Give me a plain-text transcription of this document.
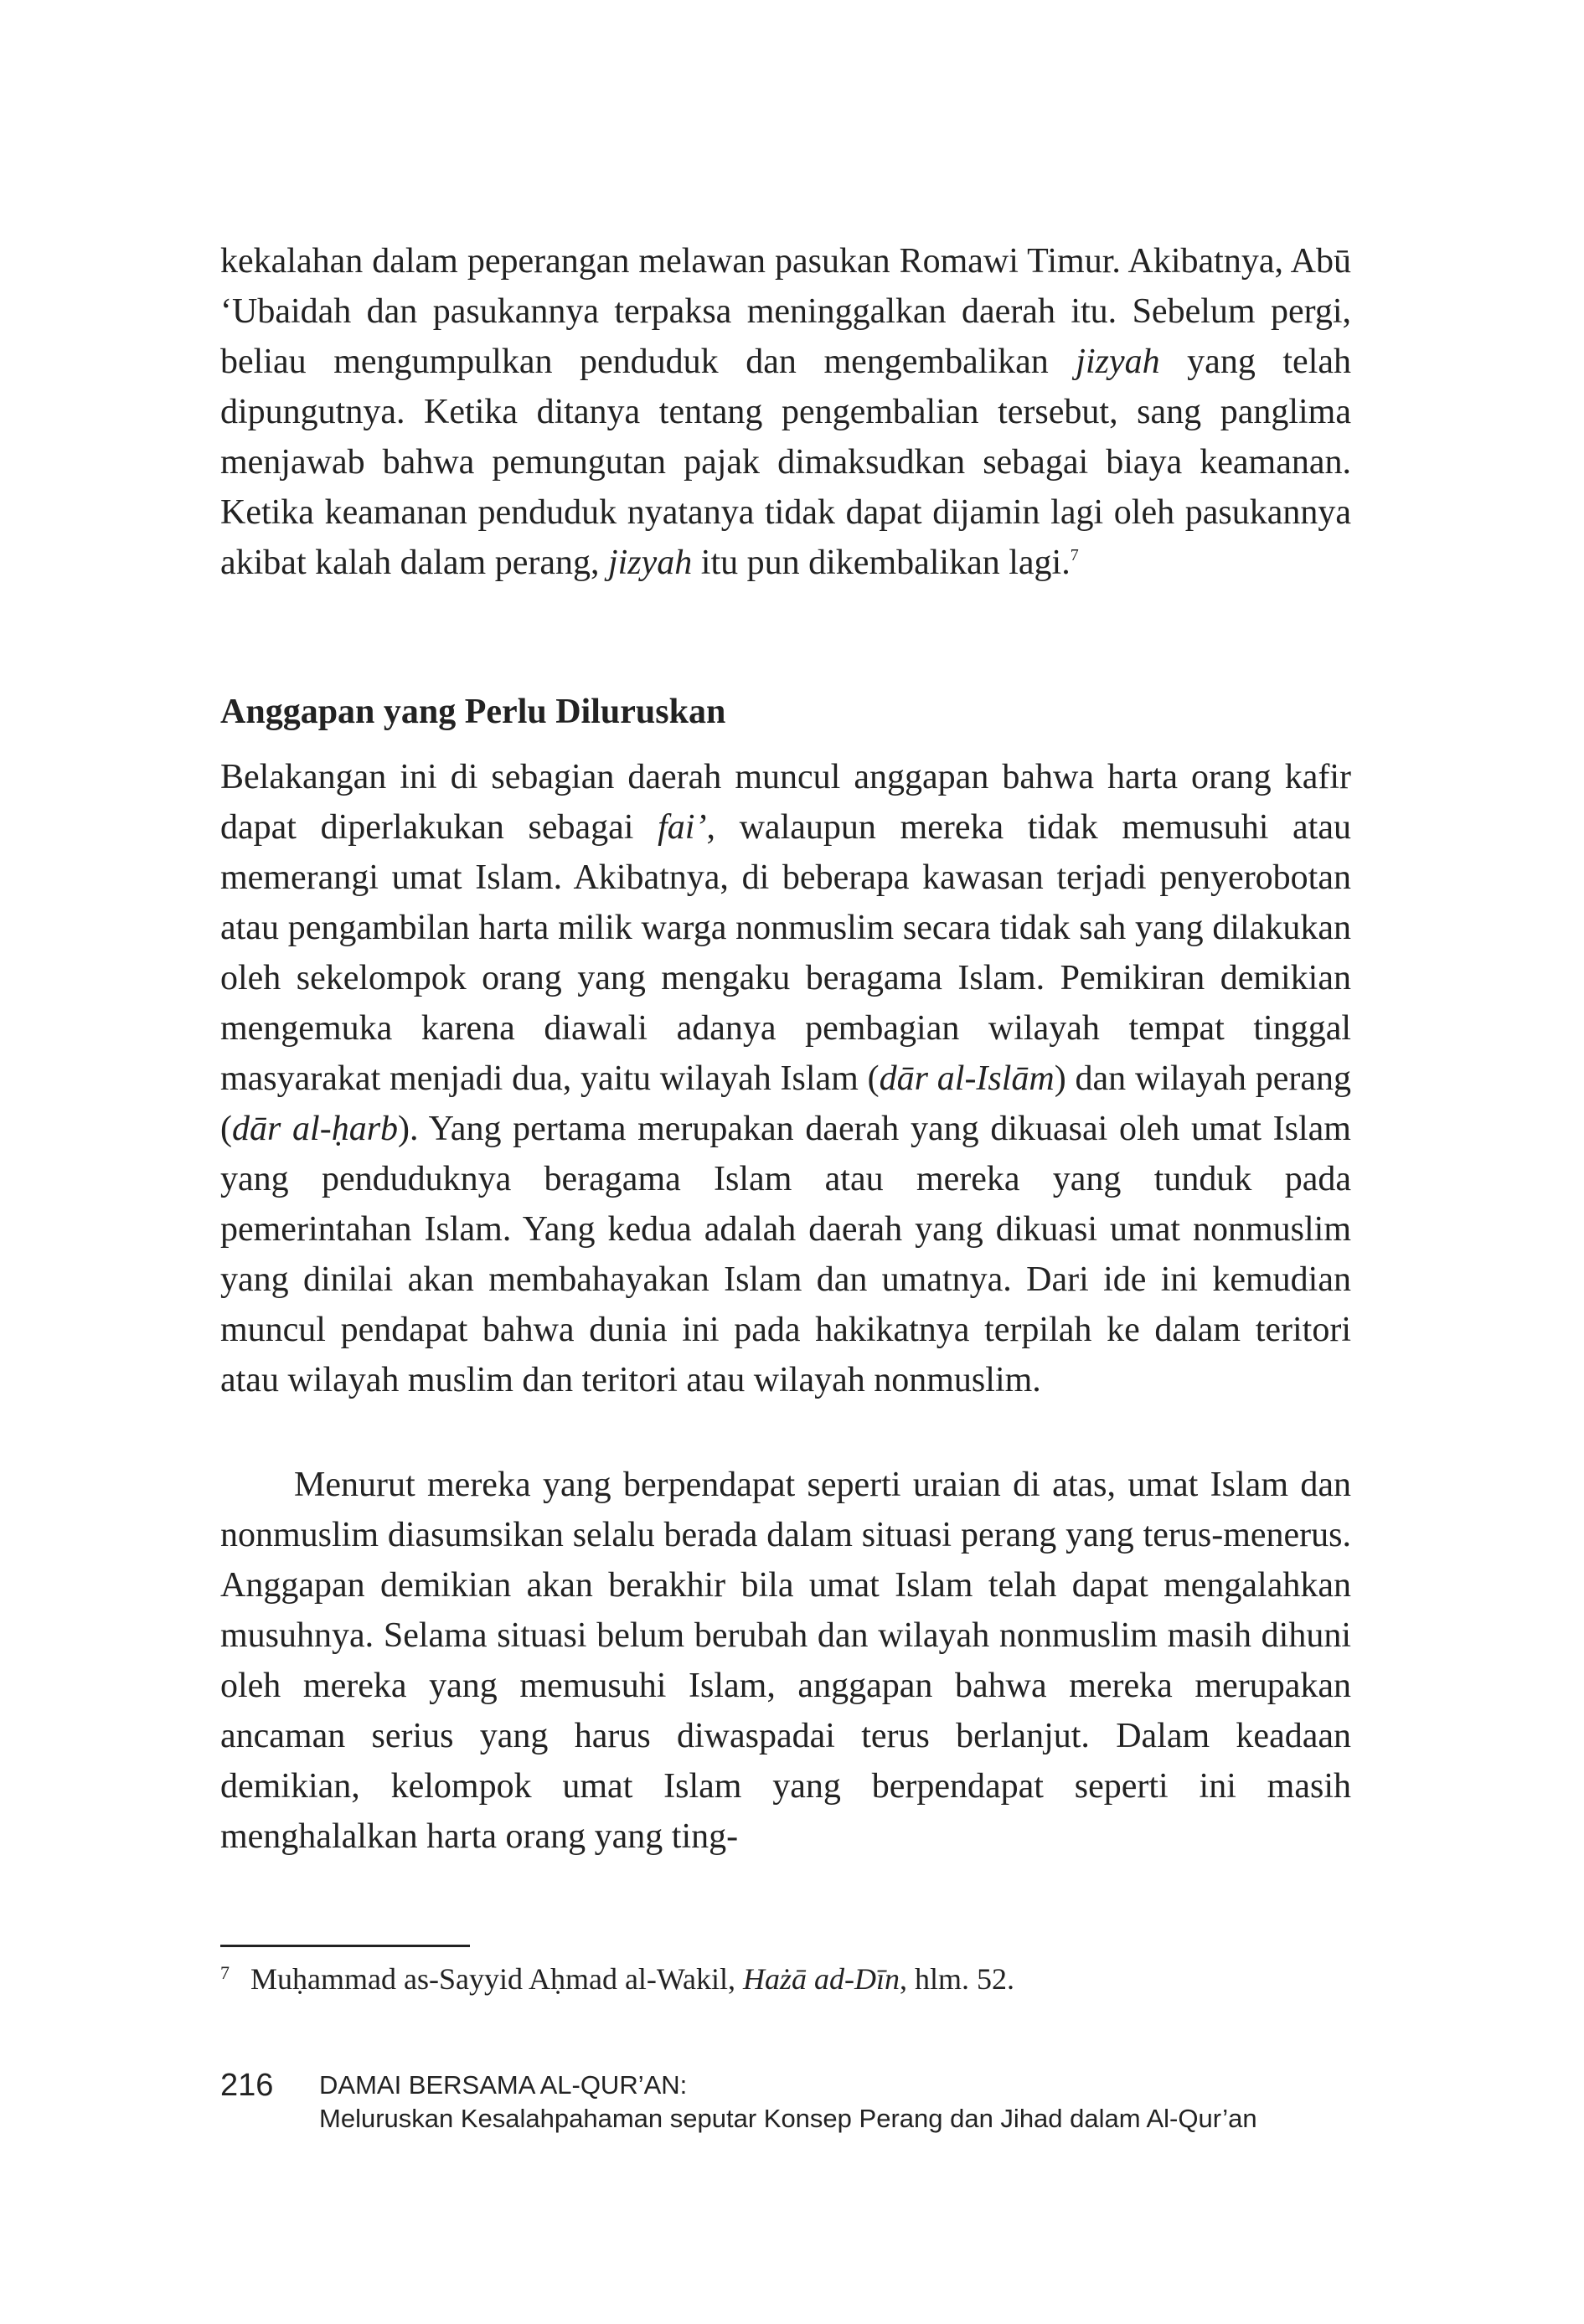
kekalahan dalam peperangan melawan pasukan Romawi Timur. Akibatnya, Abū ‘Ubaidah dan pasukannya terpaksa meninggalkan daerah itu. Sebelum pergi, beliau mengumpulkan penduduk dan mengembalikan jizyah yang telah dipungutnya. Ketika ditanya tentang pengembalian tersebut, sang panglima menjawab bahwa pemungutan pajak dimaksudkan sebagai biaya keamanan. Ketika keamanan penduduk nyatanya tidak dapat dijamin lagi oleh pasukannya akibat kalah dalam perang, jizyah itu pun dikembalikan lagi.$^7$

Anggapan yang Perlu Diluruskan

Belakangan ini di sebagian daerah muncul anggapan bahwa harta orang kafir dapat diperlakukan sebagai fai’, walaupun mereka tidak memusuhi atau memerangi umat Islam. Akibatnya, di beberapa kawasan terjadi penyerobotan atau pengambilan harta milik warga nonmuslim secara tidak sah yang dilakukan oleh sekelompok orang yang mengaku beragama Islam. Pemikiran demikian mengemuka karena diawali adanya pembagian wilayah tempat tinggal masyarakat menjadi dua, yaitu wilayah Islam (dār al-Islām) dan wilayah perang (dār al-ḥarb). Yang pertama merupakan daerah yang dikuasai oleh umat Islam yang penduduknya beragama Islam atau mereka yang tunduk pada pemerintahan Islam. Yang kedua adalah daerah yang dikuasi umat nonmuslim yang dinilai akan membahayakan Islam dan umatnya. Dari ide ini kemudian muncul pendapat bahwa dunia ini pada hakikatnya terpilah ke dalam teritori atau wilayah muslim dan teritori atau wilayah nonmuslim.

Menurut mereka yang berpendapat seperti uraian di atas, umat Islam dan nonmuslim diasumsikan selalu berada dalam situasi perang yang terus-menerus. Anggapan demikian akan berakhir bila umat Islam telah dapat mengalahkan musuhnya. Selama situasi belum berubah dan wilayah nonmuslim masih dihuni oleh mereka yang memusuhi Islam, anggapan bahwa mereka merupakan ancaman serius yang harus diwaspadai terus berlanjut. Dalam keadaan demikian, kelompok umat Islam yang berpendapat seperti ini masih menghalalkan harta orang yang ting-

7 Muḥammad as-Sayyid Aḥmad al-Wakil, Hażā ad-Dīn, hlm. 52.
216 DAMAI BERSAMA AL-QUR’AN:
Meluruskan Kesalahpahaman seputar Konsep Perang dan Jihad dalam Al-Qur’an
